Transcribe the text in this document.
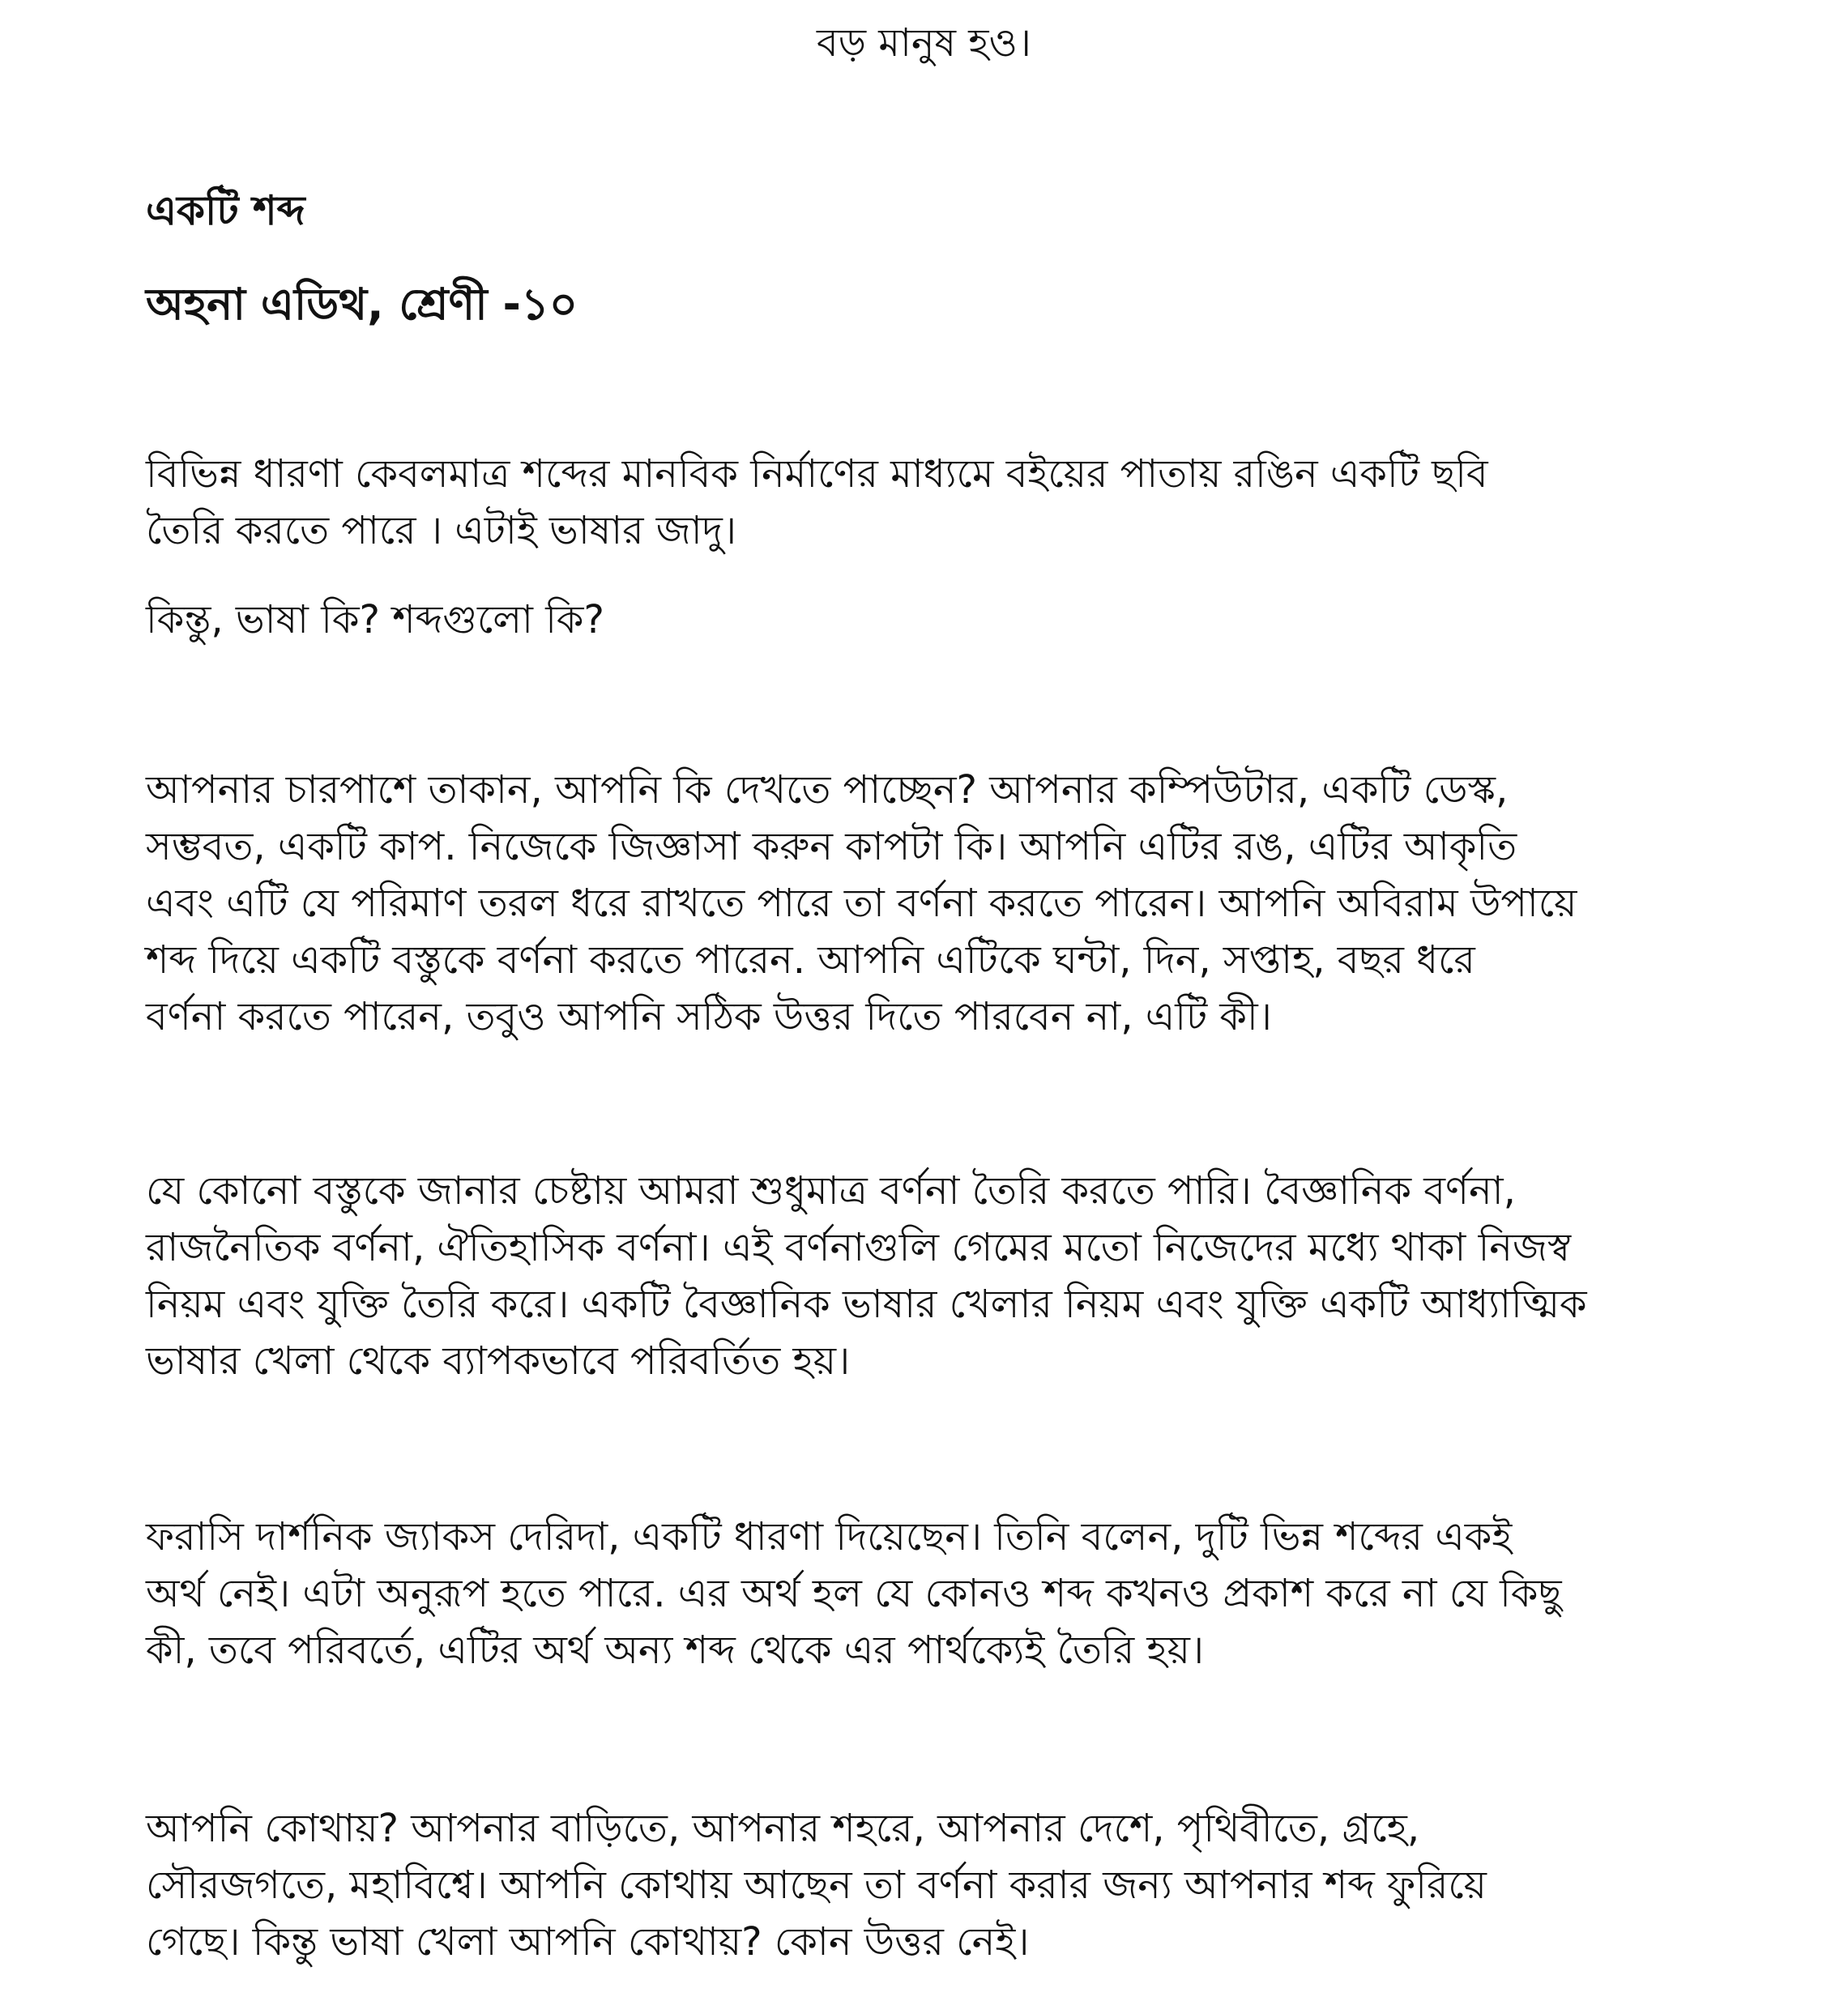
বড় মানুষ হও।

একটি শব্দ
অহনা এডিথ, শ্রেণী -১০

বিভিন্ন ধারণা কেবলমাত্র শব্দের মানবিক নির্মাণের মাধ্যমে বইয়ের পাতায় রঙিন একটি ছবি
তৈরি করতে পারে । এটাই ভাষার জাদু।

কিন্তু, ভাষা কি? শব্দগুলো কি?

আপনার চারপাশে তাকান, আপনি কি দেখতে পাচ্ছেন? আপনার কম্পিউটার, একটি ডেস্ক,
সম্ভবত, একটি কাপ. নিজেকে জিজ্ঞাসা করুন কাপটা কি। আপনি এটির রঙ, এটির আকৃতি
এবং এটি যে পরিমাণ তরল ধরে রাখতে পারে তা বর্ণনা করতে পারেন। আপনি অবিরাম উপায়ে
শব্দ দিয়ে একটি বস্তুকে বর্ণনা করতে পারেন. আপনি এটিকে ঘন্টা, দিন, সপ্তাহ, বছর ধরে
বর্ণনা করতে পারেন, তবুও আপনি সঠিক উত্তর দিতে পারবেন না, এটি কী।

যে কোনো বস্তুকে জানার চেষ্টায় আমরা শুধুমাত্র বর্ণনা তৈরি করতে পারি। বৈজ্ঞানিক বর্ণনা,
রাজনৈতিক বর্ণনা, ঐতিহাসিক বর্ণনা। এই বর্ণনাগুলি গেমের মতো নিজেদের মধ্যে থাকা নিজস্ব
নিয়ম এবং যুক্তি তৈরি করে। একটি বৈজ্ঞানিক ভাষার খেলার নিয়ম এবং যুক্তি একটি আধ্যাত্মিক
ভাষার খেলা থেকে ব্যাপকভাবে পরিবর্তিত হয়।

ফরাসি দার্শনিক জ্যাকস দেরিদা, একটি ধারণা দিয়েছেন। তিনি বলেন, দুটি ভিন্ন শব্দের একই
অর্থ নেই। এটা অনুরূপ হতে পারে. এর অর্থ হল যে কোনও শব্দ কখনও প্রকাশ করে না যে কিছু
কী, তবে পরিবর্তে, এটির অর্থ অন্য শব্দ থেকে এর পার্থক্যেই তৈরি হয়।

আপনি কোথায়? আপনার বাড়িতে, আপনার শহরে, আপনার দেশে, পৃথিবীতে, গ্রহে,
সৌরজগতে, মহাবিশ্বে। আপনি কোথায় আছেন তা বর্ণনা করার জন্য আপনার শব্দ ফুরিয়ে
গেছে। কিন্তু ভাষা খেলা আপনি কোথায়? কোন উত্তর নেই।
